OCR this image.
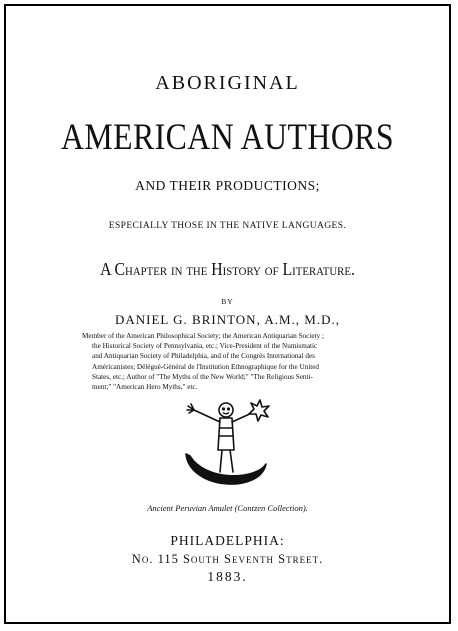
ABORIGINAL
AMERICAN AUTHORS
AND THEIR PRODUCTIONS;
ESPECIALLY THOSE IN THE NATIVE LANGUAGES.
A Chapter in the History of Literature.
BY
DANIEL G. BRINTON, A.M., M.D.,
Member of the American Philosophical Society; the American Antiquarian Society ;
the Historical Society of Pennsylvania, etc.; Vice-President of the Numismatic
and Antiquarian Society of Philadelphia, and of the Congrès International des
Américanistes; Délégué-Général de l'Institution Ethnographique for the United
States, etc.; Author of "The Myths of the New World;" "The Religious Senti-
ment;" "American Hero Myths," etc.
Ancient Peruvian Amulet (Contzen Collection).
PHILADELPHIA:
No. 115 South Seventh Street.
1883.
